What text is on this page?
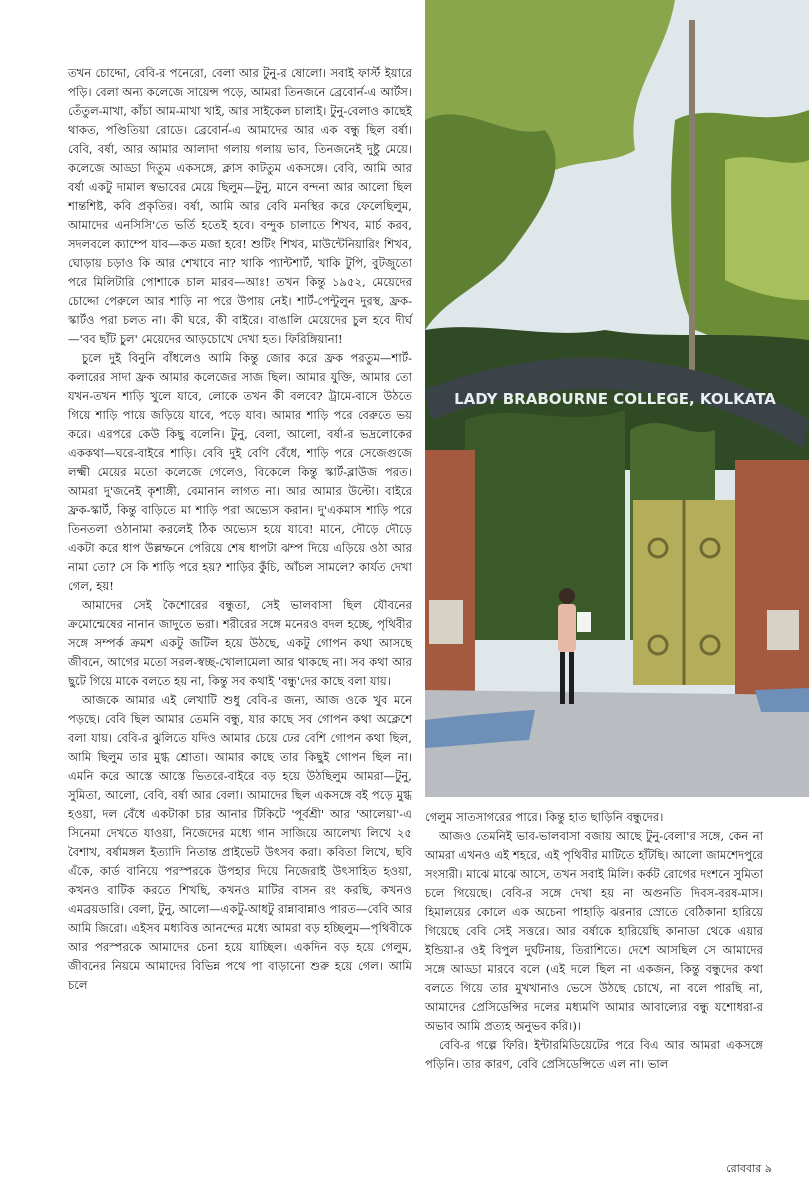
তখন চোদ্দো, বেবি-র পনেরো, বেলা আর টুনু-র ষোলো। সবাই ফার্স্ট ইয়ারে পড়ি। বেলা অন্য কলেজে সায়েন্স পড়ে, আমরা তিনজনে ব্রেবোর্ন-এ আর্টস। তেঁতুল-মাখা, কাঁচা আম-মাখা খাই, আর সাইকেল চালাই। টুনু-বেলাও কাছেই থাকত, পণ্ডিতিয়া রোডে। ব্রেবোর্ন-এ আমাদের আর এক বন্ধু ছিল বর্ষা। বেবি, বর্ষা, আর আমার আলাদা গলায় গলায় ভাব, তিনজনেই দুষ্টু মেয়ে। কলেজে আড্ডা দিতুম একসঙ্গে, ক্লাস কাটতুম একসঙ্গে। বেবি, আমি আর বর্ষা একটু দামাল স্বভাবের মেয়ে ছিলুম—টুনু, মানে বন্দনা আর আলো ছিল শান্তশিষ্ট, কবি প্রকৃতির। বর্ষা, আমি আর বেবি মনস্থির করে ফেলেছিলুম, আমাদের এনসিসি'তে ভর্তি হতেই হবে। বন্দুক চালাতে শিখব, মার্চ করব, সদলবলে ক্যাম্পে যাব—কত মজা হবে! শুটিং শিখব, মাউন্টেনিয়ারিং শিখব, ঘোড়ায় চড়াও কি আর শেখাবে না? খাকি প্যান্টশার্ট, খাকি টুপি, বুটজুতো পরে মিলিটারি পোশাকে চাল মারব—আঃ! তখন কিন্তু ১৯৫২, মেয়েদের চোদ্দো পেরুলে আর শাড়ি না পরে উপায় নেই। শার্ট-পেন্টুলুন দুরস্থ, ফ্রক-স্কার্টও পরা চলত না। কী ঘরে, কী বাইরে। বাঙালি মেয়েদের চুল হবে দীর্ঘ—'বব ছাঁট চুল' মেয়েদের আড়চোখে দেখা হত। ফিরিঙ্গিয়ানা!

চুলে দুই বিনুনি বাঁধলেও আমি কিন্তু জোর করে ফ্রক পরতুম—শার্ট-কলারের সাদা ফ্রক আমার কলেজের সাজ ছিল। আমার যুক্তি, আমার তো যখন-তখন শাড়ি খুলে যাবে, লোকে তখন কী বলবে? ট্রামে-বাসে উঠতে গিয়ে শাড়ি পায়ে জড়িয়ে যাবে, পড়ে যাব। আমার শাড়ি পরে বেরুতে ভয় করে। এরপরে কেউ কিছু বলেনি। টুনু, বেলা, আলো, বর্ষা-র ভদ্রলোকের এককথা—ঘরে-বাইরে শাড়ি। বেবি দুই বেণি বেঁধে, শাড়ি পরে সেজেগুজে লক্ষ্মী মেয়ের মতো কলেজে গেলেও, বিকেলে কিন্তু স্কার্ট-ব্লাউজ পরত। আমরা দু'জনেই কৃশাঙ্গী, বেমানান লাগত না। আর আমার উল্টো। বাইরে ফ্রক-স্কার্ট, কিন্তু বাড়িতে মা শাড়ি পরা অভ্যেস করান। দু'একমাস শাড়ি পরে তিনতলা ওঠানামা করলেই ঠিক অভ্যেস হয়ে যাবে! মানে, দৌড়ে দৌড়ে একটা করে ধাপ উল্লম্ফনে পেরিয়ে শেষ ধাপটা ঝম্প দিয়ে এড়িয়ে ওঠা আর নামা তো? সে কি শাড়ি পরে হয়? শাড়ির কুঁচি, আঁচল সামলে? কার্যত দেখা গেল, হয়!

আমাদের সেই কৈশোরের বন্ধুতা, সেই ভালবাসা ছিল যৌবনের ক্রমোন্মেষের নানান জাদুতে ভরা। শরীরের সঙ্গে মনেরও বদল হচ্ছে, পৃথিবীর সঙ্গে সম্পর্ক ক্রমশ একটু জটিল হয়ে উঠছে, একটু গোপন কথা আসছে জীবনে, আগের মতো সরল-স্বচ্ছ-খোলামেলা আর থাকছে না। সব কথা আর ছুটে গিয়ে মাকে বলতে হয় না, কিন্তু সব কথাই 'বন্ধু'দের কাছে বলা যায়।

আজকে আমার এই লেখাটি শুধু বেবি-র জন্য, আজ ওকে খুব মনে পড়ছে। বেবি ছিল আমার তেমনি বন্ধু, যার কাছে সব গোপন কথা অক্লেশে বলা যায়। বেবি-র ঝুলিতে যদিও আমার চেয়ে ঢের বেশি গোপন কথা ছিল, আমি ছিলুম তার মুগ্ধ শ্রোতা। আমার কাছে তার কিছুই গোপন ছিল না। এমনি করে আস্তে আস্তে ভিতরে-বাইরে বড় হয়ে উঠছিলুম আমরা—টুনু, সুমিতা, আলো, বেবি, বর্ষা আর বেলা। আমাদের ছিল একসঙ্গে বই পড়ে মুগ্ধ হওয়া, দল বেঁধে একটাকা চার আনার টিকিটে 'পূর্বশ্রী' আর 'আলেয়া'-এ সিনেমা দেখতে যাওয়া, নিজেদের মধ্যে গান সাজিয়ে আলেখ্য লিখে ২৫ বৈশাখ, বর্ষামঙ্গল ইত্যাদি নিতান্ত প্রাইভেট উৎসব করা। কবিতা লিখে, ছবি এঁকে, কার্ড বানিয়ে পরস্পরকে উপহার দিয়ে নিজেরাই উৎসাহিত হওয়া, কখনও বাটিক করতে শিখছি, কখনও মাটির বাসন রং করছি, কখনও এমব্রয়ডারি। বেলা, টুনু, আলো—একটু-আধটু রান্নাবান্নাও পারত—বেবি আর আমি জিরো। এইসব মধ্যবিত্ত আনন্দের মধ্যে আমরা বড় হচ্ছিলুম—পৃথিবীকে আর পরস্পরকে আমাদের চেনা হয়ে যাচ্ছিল। একদিন বড় হয়ে গেলুম, জীবনের নিয়মে আমাদের বিভিন্ন পথে পা বাড়ানো শুরু হয়ে গেল। আমি চলে

LADY BRABOURNE COLLEGE, KOLKATA

গেলুম সাতসাগরের পারে। কিন্তু হাত ছাড়িনি বন্ধুদের।

আজও তেমনিই ভাব-ভালবাসা বজায় আছে টুনু-বেলা'র সঙ্গে, কেন না আমরা এখনও এই শহরে, এই পৃথিবীর মাটিতে হাঁটছি। আলো জামশেদপুরে সংসারী। মাঝে মাঝে আসে, তখন সবাই মিলি। কর্কট রোগের দংশনে সুমিতা চলে গিয়েছে। বেবি-র সঙ্গে দেখা হয় না অগুনতি দিবস-বরষ-মাস। হিমালয়ের কোলে এক অচেনা পাহাড়ি ঝরনার স্রোতে বেঠিকানা হারিয়ে গিয়েছে বেবি সেই সত্তরে। আর বর্ষাকে হারিয়েছি কানাডা থেকে এয়ার ইন্ডিয়া-র ওই বিপুল দুর্ঘটনায়, তিরাশিতে। দেশে আসছিল সে আমাদের সঙ্গে আড্ডা মারবে বলে (এই দলে ছিল না একজন, কিন্তু বন্ধুদের কথা বলতে গিয়ে তার মুখখানাও ভেসে উঠছে চোখে, না বলে পারছি না, আমাদের প্রেসিডেন্সির দলের মধ্যমণি আমার আবাল্যের বন্ধু যশোধরা-র অভাব আমি প্রত্যহ অনুভব করি।)।

বেবি-র গল্পে ফিরি। ইন্টারমিডিয়েটের পরে বিএ আর আমরা একসঙ্গে পড়িনি। তার কারণ, বেবি প্রেসিডেন্সিতে এল না। ভাল

রোববার ৯
